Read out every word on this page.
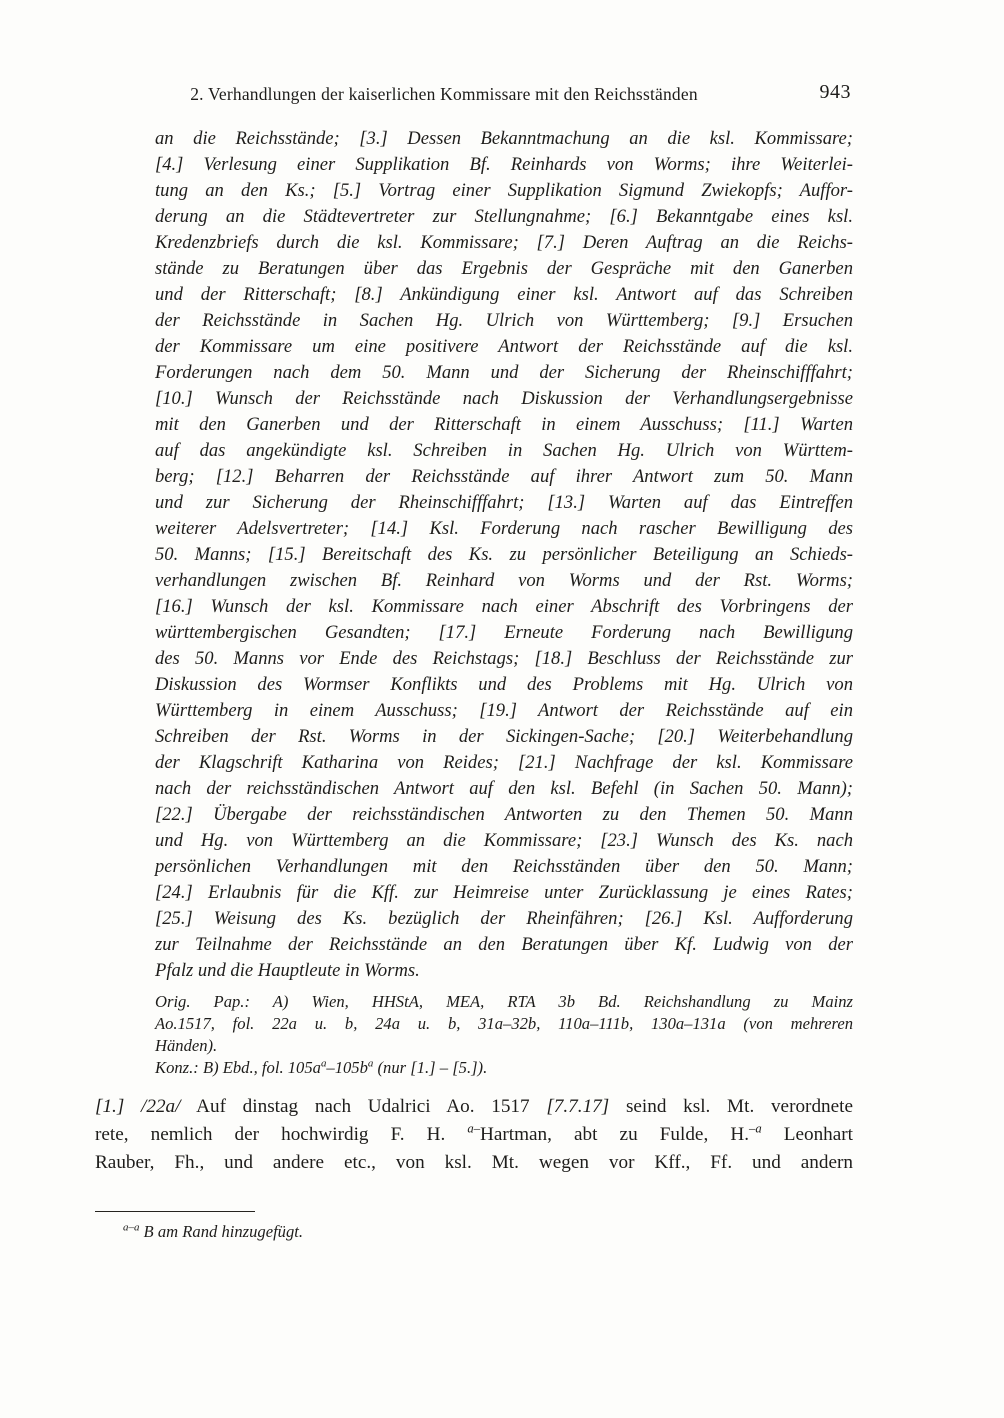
2. Verhandlungen der kaiserlichen Kommissare mit den Reichsständen	943
an die Reichsstände; [3.] Dessen Bekanntmachung an die ksl. Kommissare;
[4.] Verlesung einer Supplikation Bf. Reinhards von Worms; ihre Weiterlei-
tung an den Ks.; [5.] Vortrag einer Supplikation Sigmund Zwiekopfs; Auffor-
derung an die Städtevertreter zur Stellungnahme; [6.] Bekanntgabe eines ksl.
Kredenzbriefs durch die ksl. Kommissare; [7.] Deren Auftrag an die Reichs-
stände zu Beratungen über das Ergebnis der Gespräche mit den Ganerben
und der Ritterschaft; [8.] Ankündigung einer ksl. Antwort auf das Schreiben
der Reichsstände in Sachen Hg. Ulrich von Württemberg; [9.] Ersuchen
der Kommissare um eine positivere Antwort der Reichsstände auf die ksl.
Forderungen nach dem 50. Mann und der Sicherung der Rheinschifffahrt;
[10.] Wunsch der Reichsstände nach Diskussion der Verhandlungsergebnisse
mit den Ganerben und der Ritterschaft in einem Ausschuss; [11.] Warten
auf das angekündigte ksl. Schreiben in Sachen Hg. Ulrich von Württem-
berg; [12.] Beharren der Reichsstände auf ihrer Antwort zum 50. Mann
und zur Sicherung der Rheinschifffahrt; [13.] Warten auf das Eintreffen
weiterer Adelsvertreter; [14.] Ksl. Forderung nach rascher Bewilligung des
50. Manns; [15.] Bereitschaft des Ks. zu persönlicher Beteiligung an Schieds-
verhandlungen zwischen Bf. Reinhard von Worms und der Rst. Worms;
[16.] Wunsch der ksl. Kommissare nach einer Abschrift des Vorbringens der
württembergischen Gesandten; [17.] Erneute Forderung nach Bewilligung
des 50. Manns vor Ende des Reichstags; [18.] Beschluss der Reichsstände zur
Diskussion des Wormser Konflikts und des Problems mit Hg. Ulrich von
Württemberg in einem Ausschuss; [19.] Antwort der Reichsstände auf ein
Schreiben der Rst. Worms in der Sickingen-Sache; [20.] Weiterbehandlung
der Klagschrift Katharina von Reides; [21.] Nachfrage der ksl. Kommissare
nach der reichsständischen Antwort auf den ksl. Befehl (in Sachen 50. Mann);
[22.] Übergabe der reichsständischen Antworten zu den Themen 50. Mann
und Hg. von Württemberg an die Kommissare; [23.] Wunsch des Ks. nach
persönlichen Verhandlungen mit den Reichsständen über den 50. Mann;
[24.] Erlaubnis für die Kff. zur Heimreise unter Zurücklassung je eines Rates;
[25.] Weisung des Ks. bezüglich der Rheinfähren; [26.] Ksl. Aufforderung
zur Teilnahme der Reichsstände an den Beratungen über Kf. Ludwig von der
Pfalz und die Hauptleute in Worms.
Orig. Pap.: A) Wien, HHStA, MEA, RTA 3b Bd. Reichshandlung zu Mainz
Ao.1517, fol. 22a u. b, 24a u. b, 31a–32b, 110a–111b, 130a–131a (von mehreren
Händen).
Konz.: B) Ebd., fol. $105a^a-105b^a$ (nur [1.] – [5.]).
[1.] /22a/ Auf dinstag nach Udalrici Ao. 1517 [7.7.17] seind ksl. Mt. verordnete
rete, nemlich der hochwirdig F. H. $^{a-}$Hartman, abt zu Fulde, H.$^{-a}$ Leonhart
Rauber, Fh., und andere etc., von ksl. Mt. wegen vor Kff., Ff. und andern
$^{a-a}$ B am Rand hinzugefügt.
